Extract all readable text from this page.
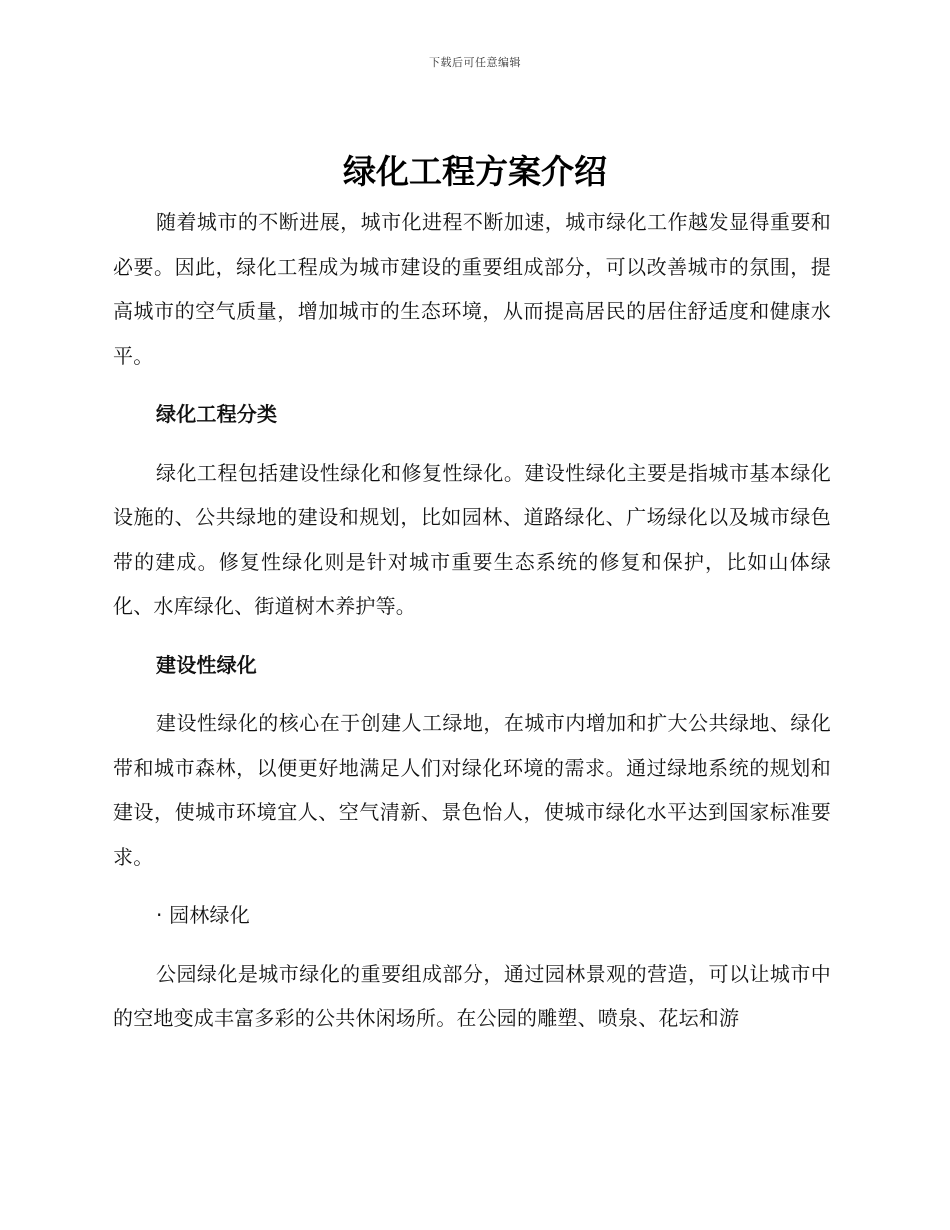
下载后可任意编辑
绿化工程方案介绍

随着城市的不断进展，城市化进程不断加速，城市绿化工作越发显得重要和必要。因此，绿化工程成为城市建设的重要组成部分，可以改善城市的氛围，提高城市的空气质量，增加城市的生态环境，从而提高居民的居住舒适度和健康水平。

绿化工程分类

绿化工程包括建设性绿化和修复性绿化。建设性绿化主要是指城市基本绿化设施的、公共绿地的建设和规划，比如园林、道路绿化、广场绿化以及城市绿色带的建成。修复性绿化则是针对城市重要生态系统的修复和保护，比如山体绿化、水库绿化、街道树木养护等。

建设性绿化

建设性绿化的核心在于创建人工绿地，在城市内增加和扩大公共绿地、绿化带和城市森林，以便更好地满足人们对绿化环境的需求。通过绿地系统的规划和建设，使城市环境宜人、空气清新、景色怡人，使城市绿化水平达到国家标准要求。

· 园林绿化

公园绿化是城市绿化的重要组成部分，通过园林景观的营造，可以让城市中的空地变成丰富多彩的公共休闲场所。在公园的雕塑、喷泉、花坛和游
